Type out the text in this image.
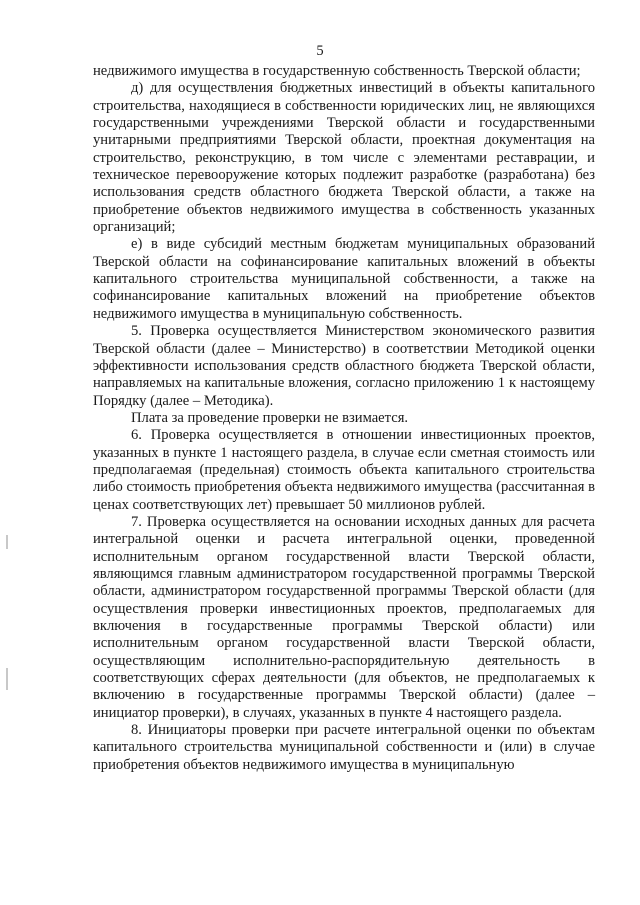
5

недвижимого имущества в государственную собственность Тверской области;

д) для осуществления бюджетных инвестиций в объекты капитального строительства, находящиеся в собственности юридических лиц, не являющихся государственными учреждениями Тверской области и государственными унитарными предприятиями Тверской области, проектная документация на строительство, реконструкцию, в том числе с элементами реставрации, и техническое перевооружение которых подлежит разработке (разработана) без использования средств областного бюджета Тверской области, а также на приобретение объектов недвижимого имущества в собственность указанных организаций;

е) в виде субсидий местным бюджетам муниципальных образований Тверской области на софинансирование капитальных вложений в объекты капитального строительства муниципальной собственности, а также на софинансирование капитальных вложений на приобретение объектов недвижимого имущества в муниципальную собственность.

5. Проверка осуществляется Министерством экономического развития Тверской области (далее – Министерство) в соответствии Методикой оценки эффективности использования средств областного бюджета Тверской области, направляемых на капитальные вложения, согласно приложению 1 к настоящему Порядку (далее – Методика).

Плата за проведение проверки не взимается.

6. Проверка осуществляется в отношении инвестиционных проектов, указанных в пункте 1 настоящего раздела, в случае если сметная стоимость или предполагаемая (предельная) стоимость объекта капитального строительства либо стоимость приобретения объекта недвижимого имущества (рассчитанная в ценах соответствующих лет) превышает 50 миллионов рублей.

7. Проверка осуществляется на основании исходных данных для расчета интегральной оценки и расчета интегральной оценки, проведенной исполнительным органом государственной власти Тверской области, являющимся главным администратором государственной программы Тверской области, администратором государственной программы Тверской области (для осуществления проверки инвестиционных проектов, предполагаемых для включения в государственные программы Тверской области) или исполнительным органом государственной власти Тверской области, осуществляющим исполнительно-распорядительную деятельность в соответствующих сферах деятельности (для объектов, не предполагаемых к включению в государственные программы Тверской области) (далее – инициатор проверки), в случаях, указанных в пункте 4 настоящего раздела.

8. Инициаторы проверки при расчете интегральной оценки по объектам капитального строительства муниципальной собственности и (или) в случае приобретения объектов недвижимого имущества в муниципальную
